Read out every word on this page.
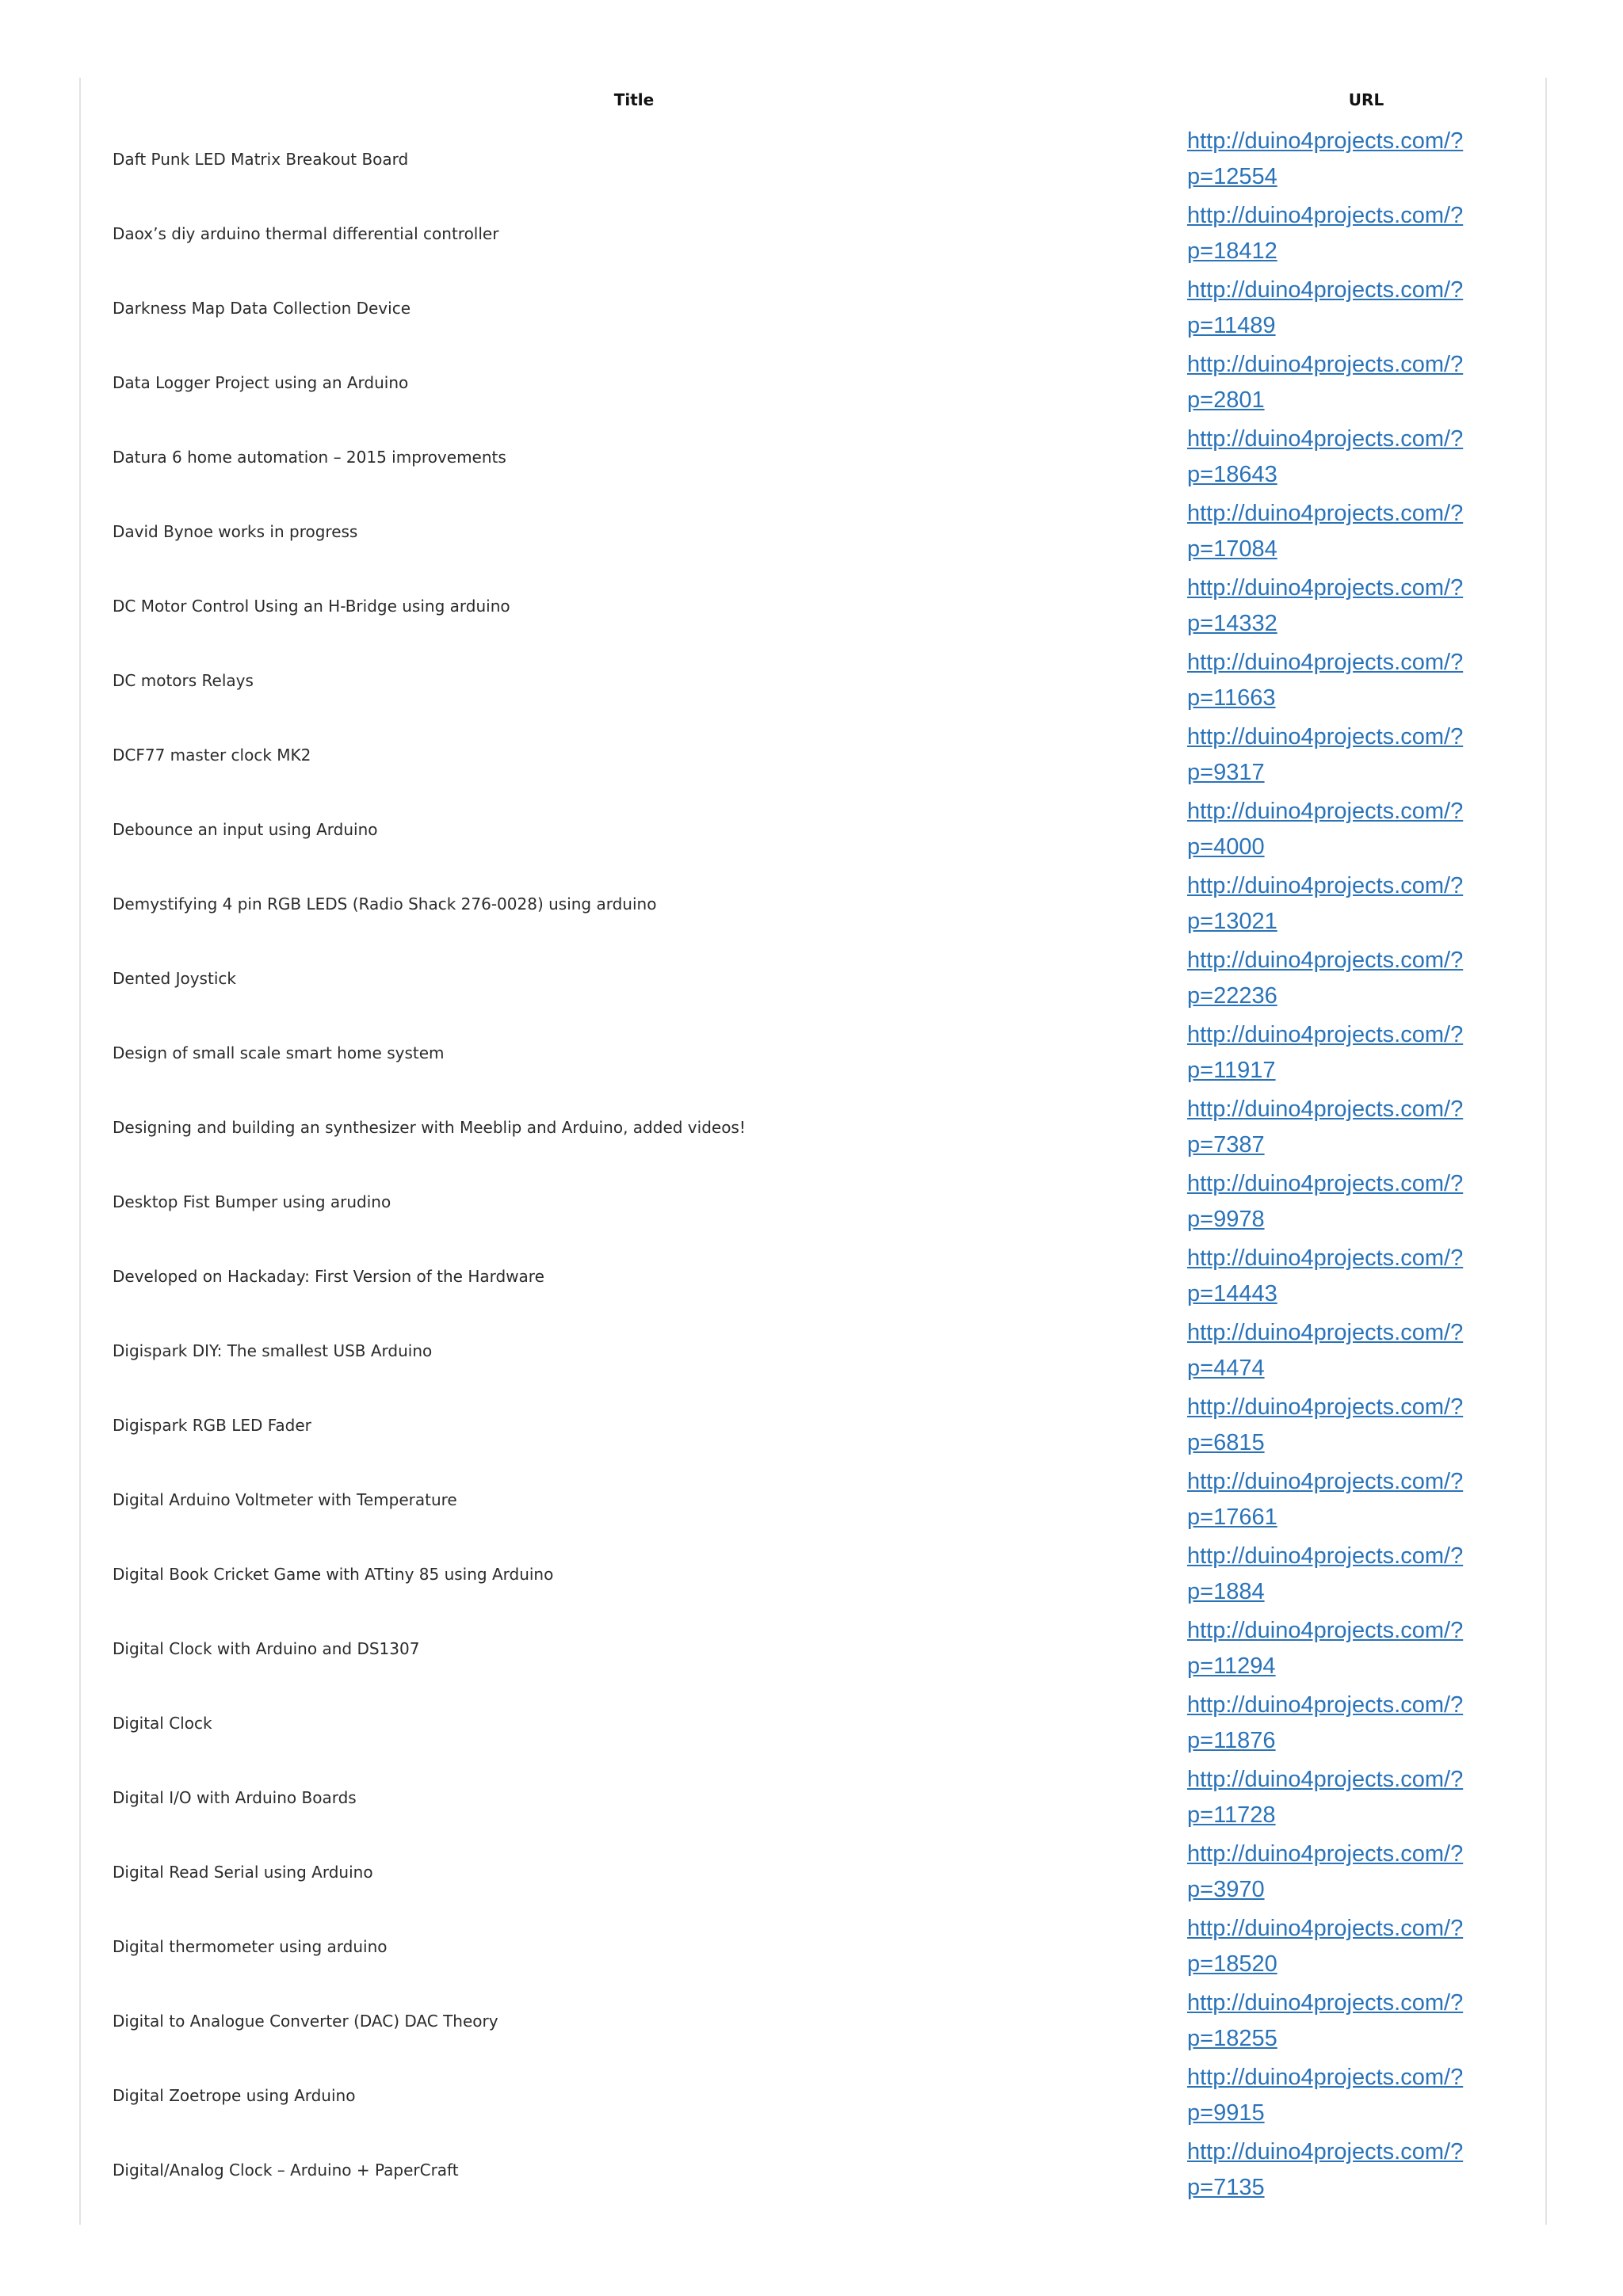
Title	URL
Daft Punk LED Matrix Breakout Board	http://duino4projects.com/?
p=12554

Daox’s diy arduino thermal differential controller	http://duino4projects.com/?
p=18412

Darkness Map Data Collection Device	http://duino4projects.com/?
p=11489

Data Logger Project using an Arduino	http://duino4projects.com/?
p=2801

Datura 6 home automation – 2015 improvements	http://duino4projects.com/?
p=18643

David Bynoe works in progress	http://duino4projects.com/?
p=17084

DC Motor Control Using an H-Bridge using arduino	http://duino4projects.com/?
p=14332

DC motors Relays	http://duino4projects.com/?
p=11663

DCF77 master clock MK2	http://duino4projects.com/?
p=9317

Debounce an input using Arduino	http://duino4projects.com/?
p=4000

Demystifying 4 pin RGB LEDS (Radio Shack 276-0028) using arduino	http://duino4projects.com/?
p=13021

Dented Joystick	http://duino4projects.com/?
p=22236

Design of small scale smart home system	http://duino4projects.com/?
p=11917

Designing and building an synthesizer with Meeblip and Arduino, added videos!	http://duino4projects.com/?
p=7387

Desktop Fist Bumper using arudino	http://duino4projects.com/?
p=9978

Developed on Hackaday: First Version of the Hardware	http://duino4projects.com/?
p=14443

Digispark DIY: The smallest USB Arduino	http://duino4projects.com/?
p=4474

Digispark RGB LED Fader	http://duino4projects.com/?
p=6815

Digital Arduino Voltmeter with Temperature	http://duino4projects.com/?
p=17661

Digital Book Cricket Game with ATtiny 85 using Arduino	http://duino4projects.com/?
p=1884

Digital Clock with Arduino and DS1307	http://duino4projects.com/?
p=11294

Digital Clock	http://duino4projects.com/?
p=11876

Digital I/O with Arduino Boards	http://duino4projects.com/?
p=11728

Digital Read Serial using Arduino	http://duino4projects.com/?
p=3970

Digital thermometer using arduino	http://duino4projects.com/?
p=18520

Digital to Analogue Converter (DAC) DAC Theory	http://duino4projects.com/?
p=18255

Digital Zoetrope using Arduino	http://duino4projects.com/?
p=9915

Digital/Analog Clock – Arduino + PaperCraft	http://duino4projects.com/?
p=7135
